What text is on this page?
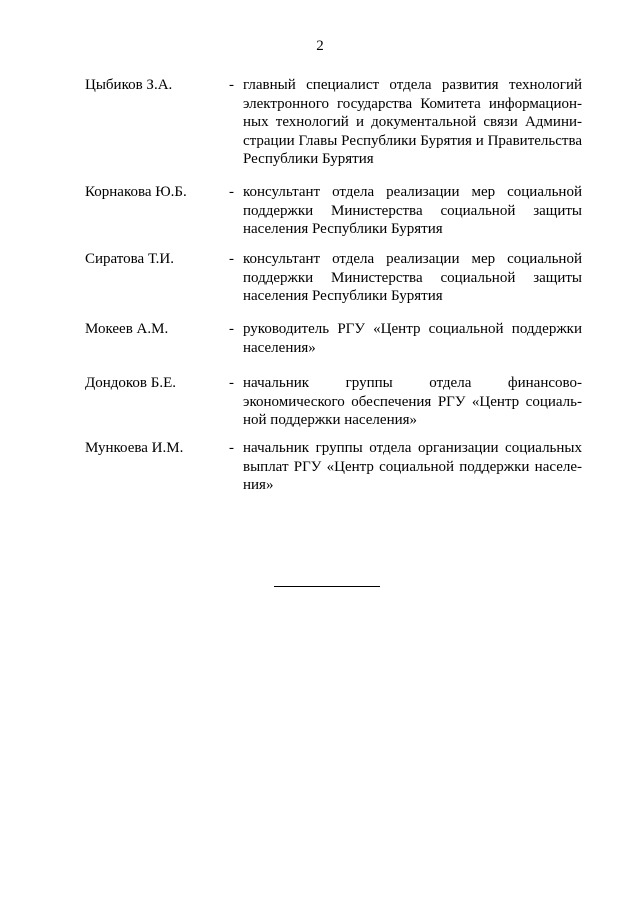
2
Цыбиков З.А.	- главный специалист отдела развития технологий электронного государства Комитета информационных технологий и документальной связи Администрации Главы Республики Бурятия и Правительства Республики Бурятия
Корнакова Ю.Б.	- консультант отдела реализации мер социальной поддержки Министерства социальной защиты населения Республики Бурятия
Сиратова Т.И.	- консультант отдела реализации мер социальной поддержки Министерства социальной защиты населения Республики Бурятия
Мокеев А.М.	- руководитель РГУ «Центр социальной поддержки населения»
Дондоков Б.Е.	- начальник группы отдела финансово-экономического обеспечения РГУ «Центр социальной поддержки населения»
Мункоева И.М.	- начальник группы отдела организации социальных выплат РГУ «Центр социальной поддержки населения»
